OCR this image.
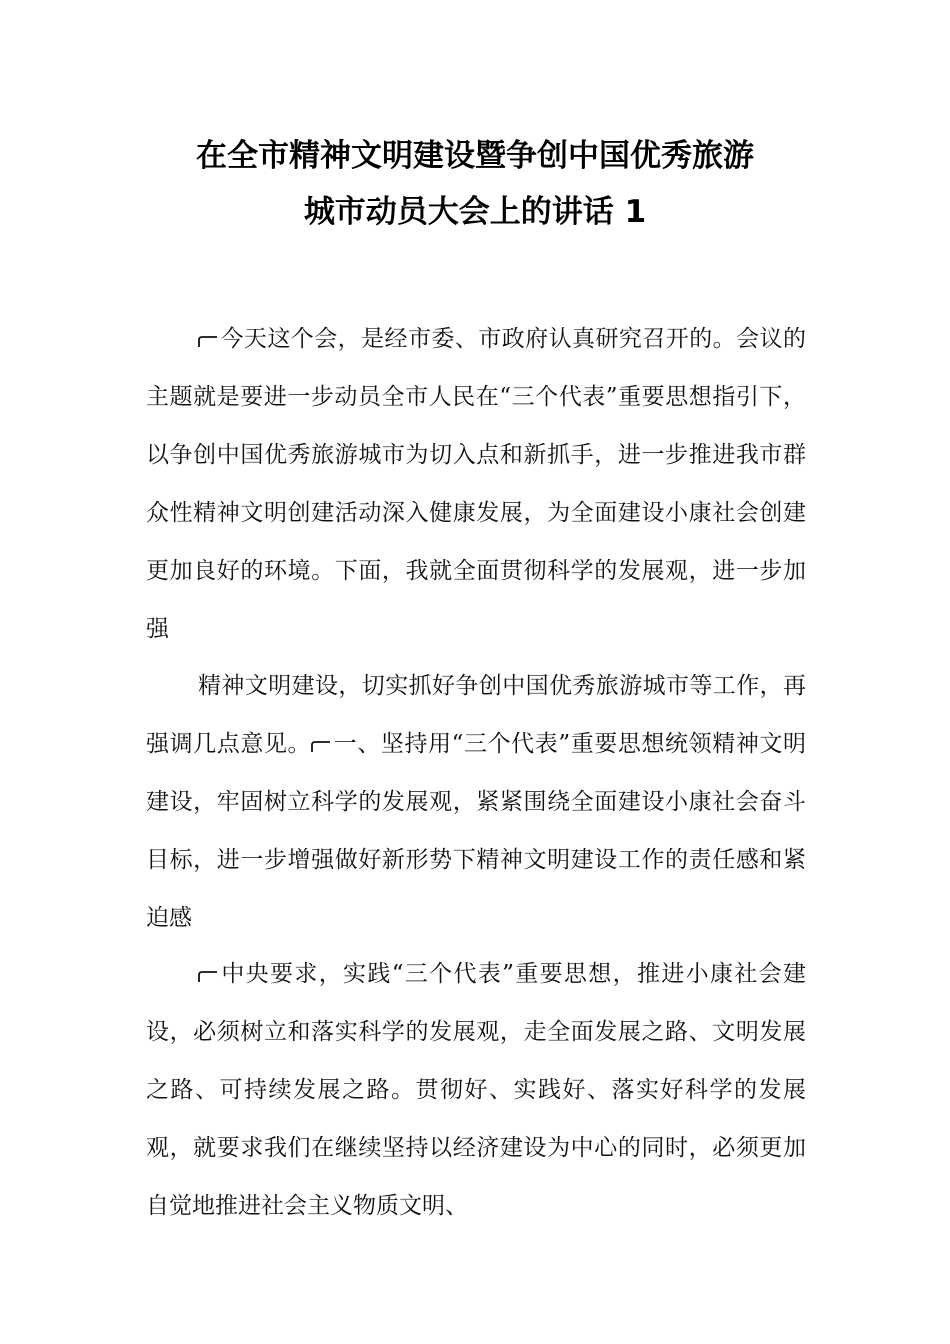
在全市精神文明建设暨争创中国优秀旅游
城市动员大会上的讲话 1

今天这个会，是经市委、市政府认真研究召开的。会议的主题就是要进一步动员全市人民在“三个代表”重要思想指引下，以争创中国优秀旅游城市为切入点和新抓手，进一步推进我市群众性精神文明创建活动深入健康发展，为全面建设小康社会创建更加良好的环境。下面，我就全面贯彻科学的发展观，进一步加强

精神文明建设，切实抓好争创中国优秀旅游城市等工作，再强调几点意见。 一、坚持用“三个代表”重要思想统领精神文明建设，牢固树立科学的发展观，紧紧围绕全面建设小康社会奋斗目标，进一步增强做好新形势下精神文明建设工作的责任感和紧迫感

中央要求，实践“三个代表”重要思想，推进小康社会建设，必须树立和落实科学的发展观，走全面发展之路、文明发展之路、可持续发展之路。贯彻好、实践好、落实好科学的发展观，就要求我们在继续坚持以经济建设为中心的同时，必须更加自觉地推进社会主义物质文明、
